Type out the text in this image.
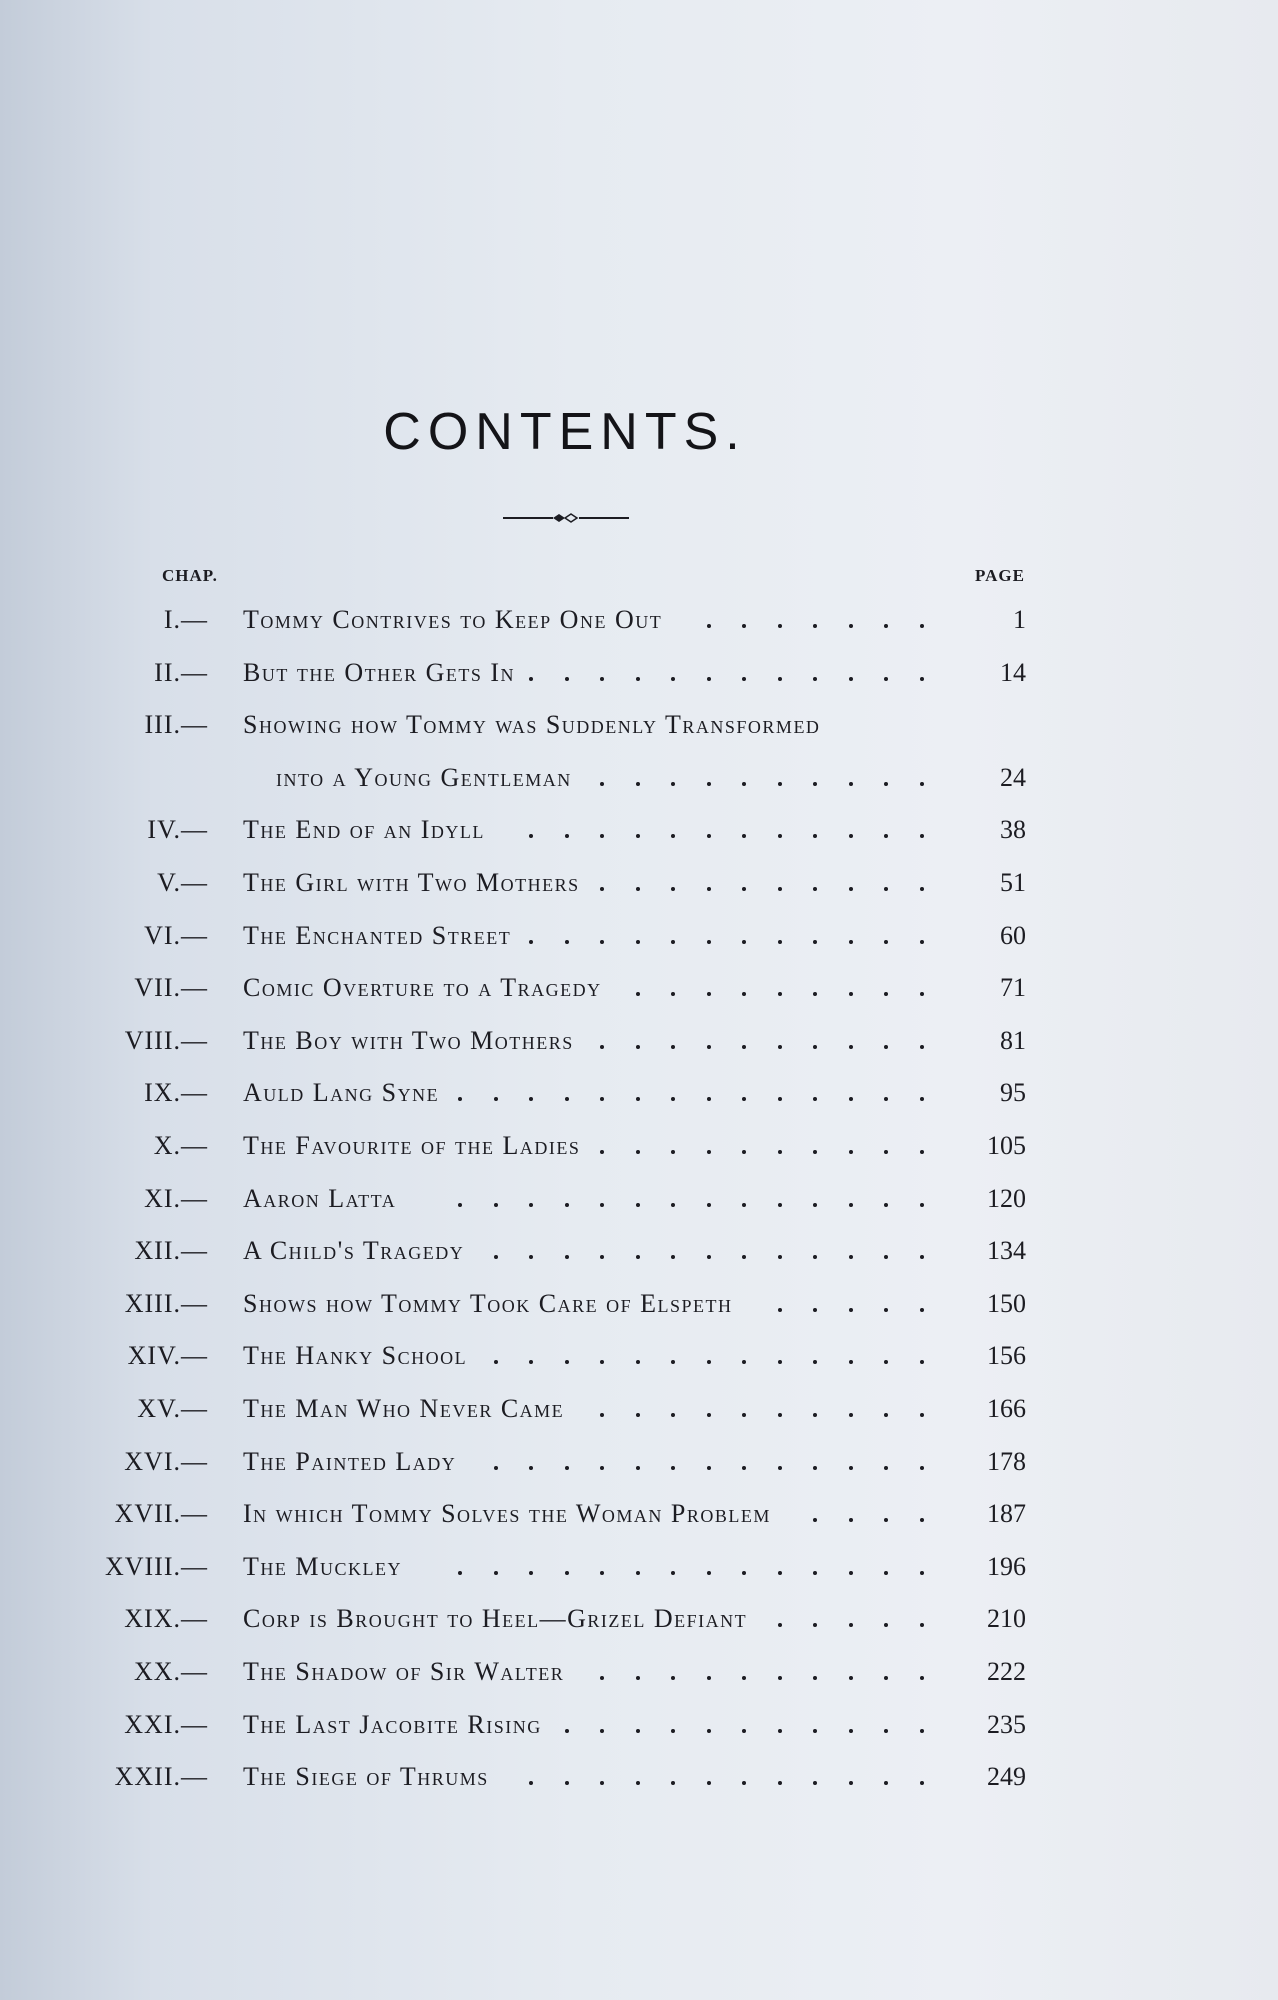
CONTENTS.
CHAP.	PAGE
I.— Tommy Contrives to Keep One Out	1
II.— But the Other Gets In	14
III.— Showing how Tommy was Suddenly Transformed
into a Young Gentleman	24
IV.— The End of an Idyll	38
V.— The Girl with Two Mothers	51
VI.— The Enchanted Street	60
VII.— Comic Overture to a Tragedy	71
VIII.— The Boy with Two Mothers	81
IX.— Auld Lang Syne	95
X.— The Favourite of the Ladies	105
XI.— Aaron Latta	120
XII.— A Child's Tragedy	134
XIII.— Shows how Tommy Took Care of Elspeth	150
XIV.— The Hanky School	156
XV.— The Man Who Never Came	166
XVI.— The Painted Lady	178
XVII.— In which Tommy Solves the Woman Problem	187
XVIII.— The Muckley	196
XIX.— Corp is Brought to Heel—Grizel Defiant	210
XX.— The Shadow of Sir Walter	222
XXI.— The Last Jacobite Rising	235
XXII.— The Siege of Thrums	249
